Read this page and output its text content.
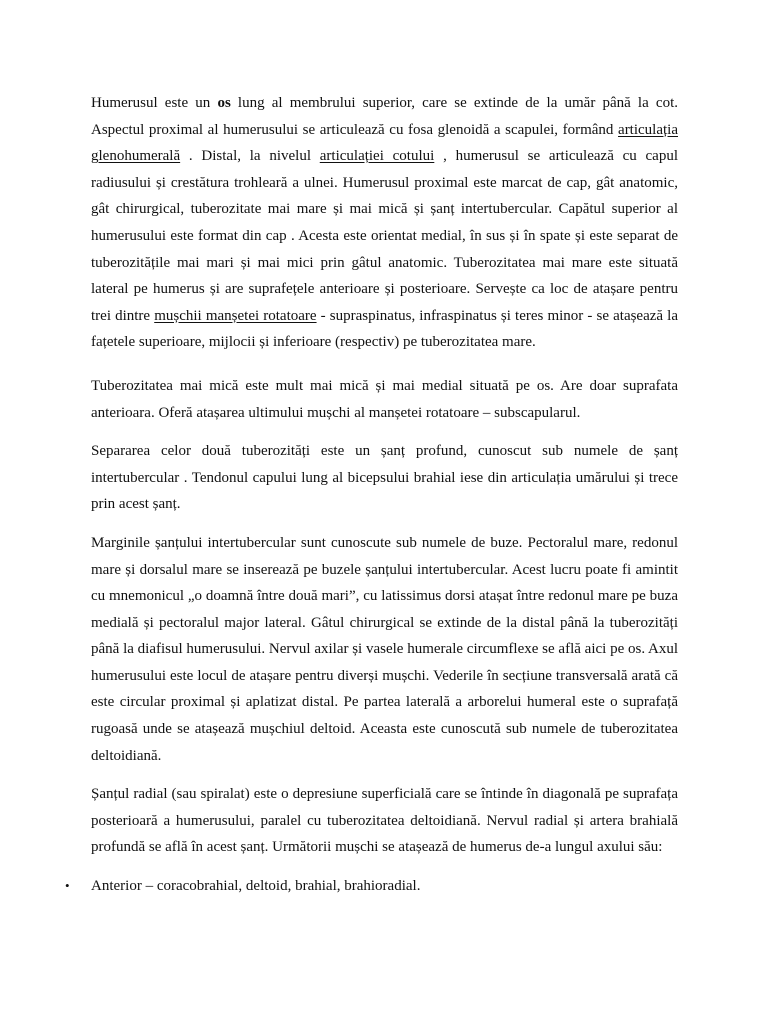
Humerusul este un os lung al membrului superior, care se extinde de la umăr până la cot. Aspectul proximal al humerusului se articulează cu fosa glenoidă a scapulei, formând articulația glenohumerală . Distal, la nivelul articulației cotului , humerusul se articulează cu capul radiusului și crestătura trohleară a ulnei. Humerusul proximal este marcat de cap, gât anatomic, gât chirurgical, tuberozitate mai mare și mai mică și șanț intertubercular. Capătul superior al humerusului este format din cap . Acesta este orientat medial, în sus și în spate și este separat de tuberozitățile mai mari și mai mici prin gâtul anatomic. Tuberozitatea mai mare este situată lateral pe humerus și are suprafețele anterioare și posterioare. Servește ca loc de atașare pentru trei dintre mușchii manșetei rotatoare - supraspinatus, infraspinatus și teres minor - se atașează la fațetele superioare, mijlocii și inferioare (respectiv) pe tuberozitatea mare.

Tuberozitatea mai mică este mult mai mică și mai medial situată pe os. Are doar suprafata anterioara. Oferă atașarea ultimului mușchi al manșetei rotatoare – subscapularul.

Separarea celor două tuberozități este un șanț profund, cunoscut sub numele de șanț intertubercular . Tendonul capului lung al bicepsului brahial iese din articulația umărului și trece prin acest șanț.

Marginile șanțului intertubercular sunt cunoscute sub numele de buze. Pectoralul mare, redonul mare și dorsalul mare se inserează pe buzele șanțului intertubercular. Acest lucru poate fi amintit cu mnemonicul „o doamnă între două mari”, cu latissimus dorsi atașat între redonul mare pe buza medială și pectoralul major lateral. Gâtul chirurgical se extinde de la distal până la tuberozități până la diafisul humerusului. Nervul axilar și vasele humerale circumflexe se află aici pe os. Axul humerusului este locul de atașare pentru diverși mușchi. Vederile în secțiune transversală arată că este circular proximal și aplatizat distal. Pe partea laterală a arborelui humeral este o suprafață rugoasă unde se atașează mușchiul deltoid. Aceasta este cunoscută sub numele de tuberozitatea deltoidiană.

Șanțul radial (sau spiralat) este o depresiune superficială care se întinde în diagonală pe suprafața posterioară a humerusului, paralel cu tuberozitatea deltoidiană. Nervul radial și artera brahială profundă se află în acest șanț. Următorii mușchi se atașează de humerus de-a lungul axului său:

• Anterior – coracobrahial, deltoid, brahial, brahioradial.
